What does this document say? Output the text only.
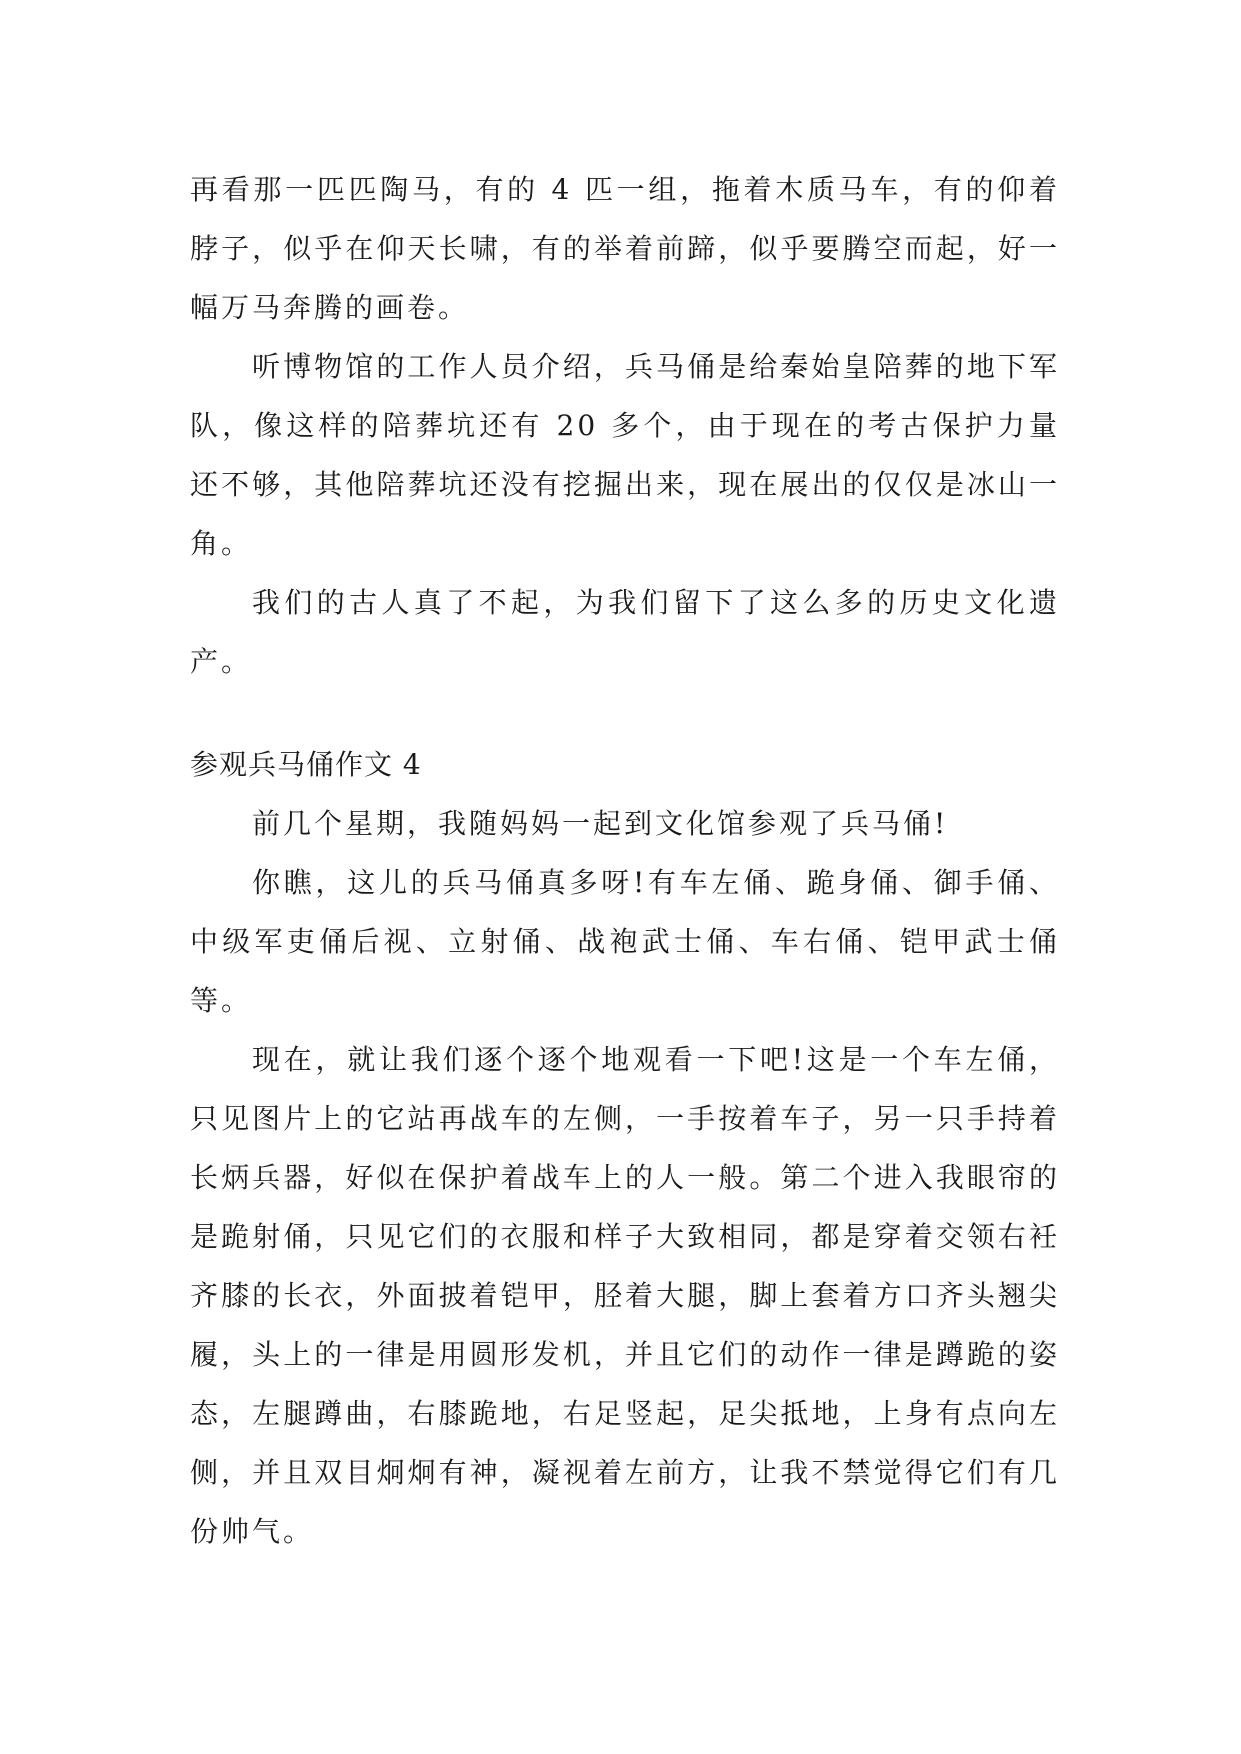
再看那一匹匹陶马，有的 4 匹一组，拖着木质马车，有的仰着脖子，似乎在仰天长啸，有的举着前蹄，似乎要腾空而起，好一幅万马奔腾的画卷。

听博物馆的工作人员介绍，兵马俑是给秦始皇陪葬的地下军队，像这样的陪葬坑还有 20 多个，由于现在的考古保护力量还不够，其他陪葬坑还没有挖掘出来，现在展出的仅仅是冰山一角。

我们的古人真了不起，为我们留下了这么多的历史文化遗产。

参观兵马俑作文 4

前几个星期，我随妈妈一起到文化馆参观了兵马俑!

你瞧，这儿的兵马俑真多呀!有车左俑、跪身俑、御手俑、中级军吏俑后视、立射俑、战袍武士俑、车右俑、铠甲武士俑等。

现在，就让我们逐个逐个地观看一下吧!这是一个车左俑，只见图片上的它站再战车的左侧，一手按着车子，另一只手持着长炳兵器，好似在保护着战车上的人一般。第二个进入我眼帘的是跪射俑，只见它们的衣服和样子大致相同，都是穿着交领右衽齐膝的长衣，外面披着铠甲，胫着大腿，脚上套着方口齐头翘尖履，头上的一律是用圆形发机，并且它们的动作一律是蹲跪的姿态，左腿蹲曲，右膝跪地，右足竖起，足尖抵地，上身有点向左侧，并且双目炯炯有神，凝视着左前方，让我不禁觉得它们有几份帅气。
